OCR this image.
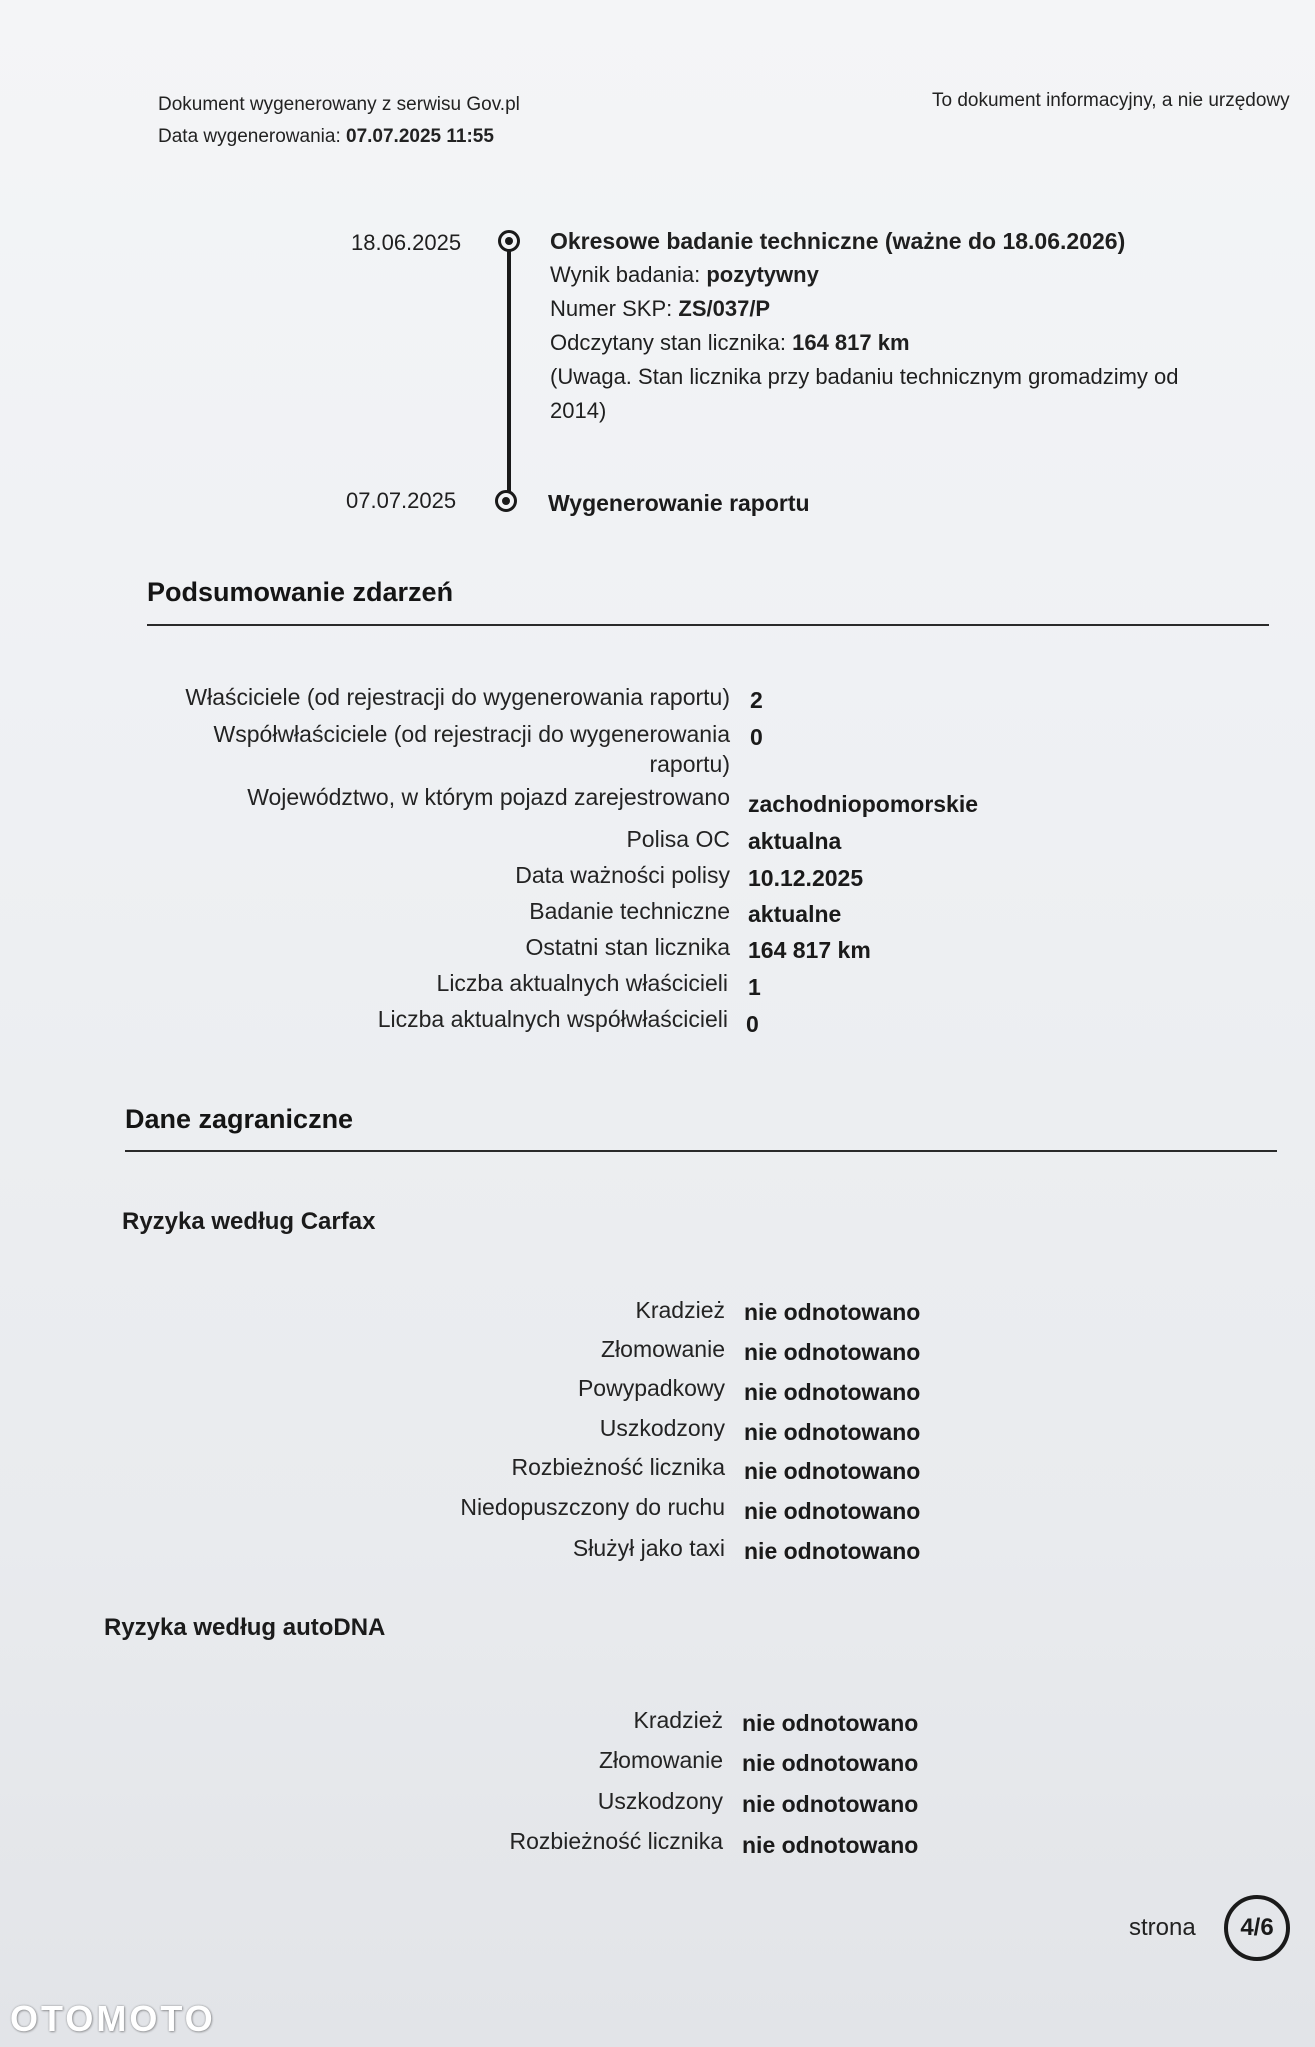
Dokument wygenerowany z serwisu Gov.pl
Data wygenerowania: 07.07.2025 11:55
To dokument informacyjny, a nie urzędowy
18.06.2025	Okresowe badanie techniczne (ważne do 18.06.2026)
Wynik badania: pozytywny
Numer SKP: ZS/037/P
Odczytany stan licznika: 164 817 km
(Uwaga. Stan licznika przy badaniu technicznym gromadzimy od
2014)
07.07.2025	Wygenerowanie raportu
Podsumowanie zdarzeń
Właściciele (od rejestracji do wygenerowania raportu) 2
Współwłaściciele (od rejestracji do wygenerowania
raportu)
0
Województwo, w którym pojazd zarejestrowano zachodniopomorskie
Polisa OC aktualna
Data ważności polisy 10.12.2025
Badanie techniczne aktualne
Ostatni stan licznika 164 817 km
Liczba aktualnych właścicieli 1
Liczba aktualnych współwłaścicieli 0
Dane zagraniczne
Ryzyka według Carfax
Kradzież nie odnotowano
Złomowanie nie odnotowano
Powypadkowy nie odnotowano
Uszkodzony nie odnotowano
Rozbieżność licznika nie odnotowano
Niedopuszczony do ruchu nie odnotowano
Służył jako taxi nie odnotowano
Ryzyka według autoDNA
Kradzież nie odnotowano
Złomowanie nie odnotowano
Uszkodzony nie odnotowano
Rozbieżność licznika nie odnotowano
strona 4/6
OTOMOTO
